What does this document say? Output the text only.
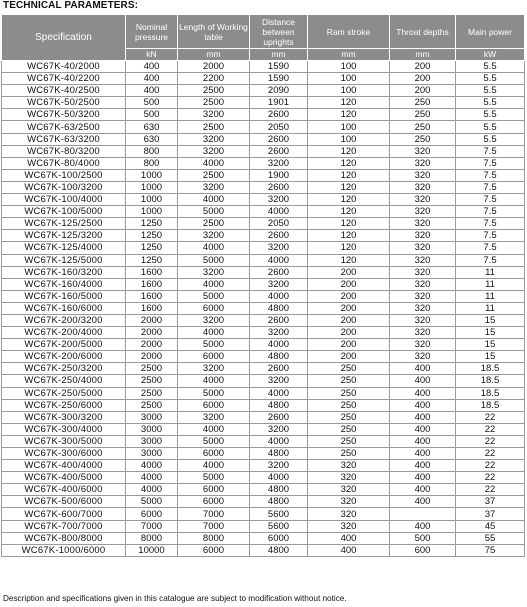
TECHNICAL PARAMETERS:
Specification	Nominal pressure	Length of Working table	Distance between uprights	Ram stroke	Throat depths	Main power
	kN	mm	mm	mm	mm	kW
WC67K-40/2000	400	2000	1590	100	200	5.5
WC67K-40/2200	400	2200	1590	100	200	5.5
WC67K-40/2500	400	2500	2090	100	200	5.5
WC67K-50/2500	500	2500	1901	120	250	5.5
WC67K-50/3200	500	3200	2600	120	250	5.5
WC67K-63/2500	630	2500	2050	100	250	5.5
WC67K-63/3200	630	3200	2600	100	250	5.5
WC67K-80/3200	800	3200	2600	120	320	7.5
WC67K-80/4000	800	4000	3200	120	320	7.5
WC67K-100/2500	1000	2500	1900	120	320	7.5
WC67K-100/3200	1000	3200	2600	120	320	7.5
WC67K-100/4000	1000	4000	3200	120	320	7.5
WC67K-100/5000	1000	5000	4000	120	320	7.5
WC67K-125/2500	1250	2500	2050	120	320	7.5
WC67K-125/3200	1250	3200	2600	120	320	7.5
WC67K-125/4000	1250	4000	3200	120	320	7.5
WC67K-125/5000	1250	5000	4000	120	320	7.5
WC67K-160/3200	1600	3200	2600	200	320	11
WC67K-160/4000	1600	4000	3200	200	320	11
WC67K-160/5000	1600	5000	4000	200	320	11
WC67K-160/6000	1600	6000	4800	200	320	11
WC67K-200/3200	2000	3200	2600	200	320	15
WC67K-200/4000	2000	4000	3200	200	320	15
WC67K-200/5000	2000	5000	4000	200	320	15
WC67K-200/6000	2000	6000	4800	200	320	15
WC67K-250/3200	2500	3200	2600	250	400	18.5
WC67K-250/4000	2500	4000	3200	250	400	18.5
WC67K-250/5000	2500	5000	4000	250	400	18.5
WC67K-250/6000	2500	6000	4800	250	400	18.5
WC67K-300/3200	3000	3200	2600	250	400	22
WC67K-300/4000	3000	4000	3200	250	400	22
WC67K-300/5000	3000	5000	4000	250	400	22
WC67K-300/6000	3000	6000	4800	250	400	22
WC67K-400/4000	4000	4000	3200	320	400	22
WC67K-400/5000	4000	5000	4000	320	400	22
WC67K-400/6000	4000	6000	4800	320	400	22
WC67K-500/6000	5000	6000	4800	320	400	37
WC67K-600/7000	6000	7000	5600	320		37
WC67K-700/7000	7000	7000	5600	320	400	45
WC67K-800/8000	8000	8000	6000	400	500	55
WC67K-1000/6000	10000	6000	4800	400	600	75
Description and specifications given in this catalogue are subject to modification without notice.
